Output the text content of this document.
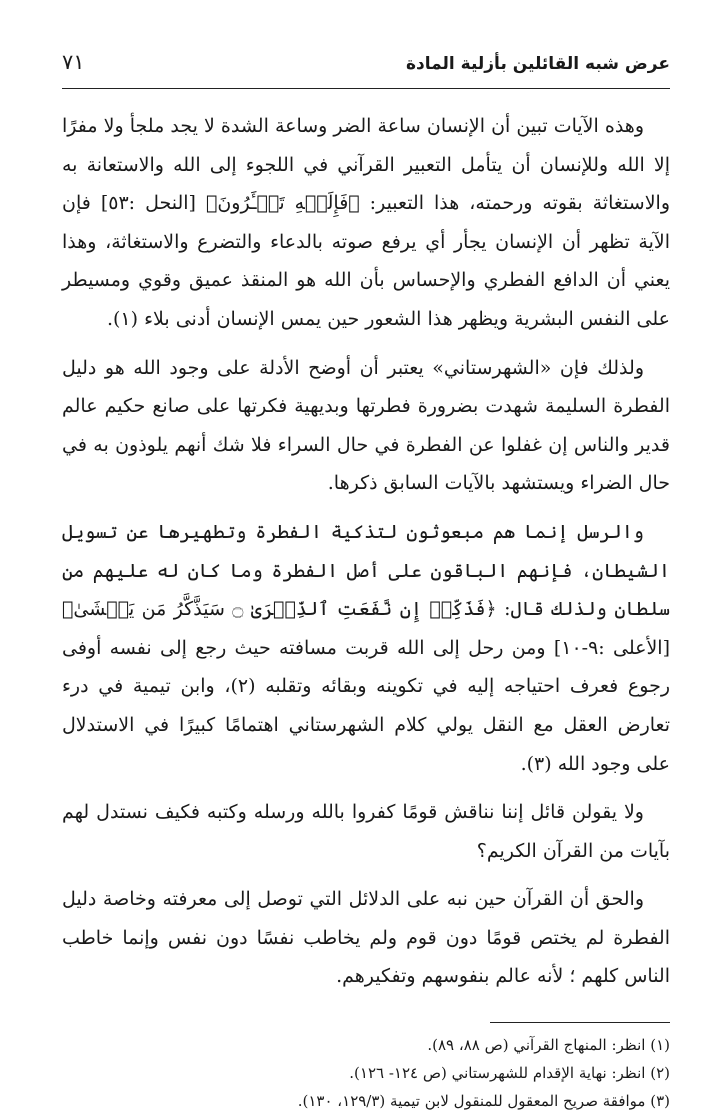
عرض شبه القائلين بأزلية المادة
٧١

وهذه الآيات تبين أن الإنسان ساعة الضر وساعة الشدة لا يجد ملجأ ولا مفرًا إلا الله وللإنسان أن يتأمل التعبير القرآني في اللجوء إلى الله والاستعانة به والاستغاثة بقوته ورحمته، هذا التعبير: ﴿فَإِلَيۡهِ تَجۡـَٔرُونَ﴾ [النحل :٥٣] فإن الآية تظهر أن الإنسان يجأر أي يرفع صوته بالدعاء والتضرع والاستغاثة، وهذا يعني أن الدافع الفطري والإحساس بأن الله هو المنقذ عميق وقوي ومسيطر على النفس البشرية ويظهر هذا الشعور حين يمس الإنسان أدنى بلاء (١).

ولذلك فإن «الشهرستاني» يعتبر أن أوضح الأدلة على وجود الله هو دليل الفطرة السليمة شهدت بضرورة فطرتها وبديهية فكرتها على صانع حكيم عالم قدير والناس إن غفلوا عن الفطرة في حال السراء فلا شك أنهم يلوذون به في حال الضراء ويستشهد بالآيات السابق ذكرها.

والرسل إنما هم مبعوثون لتذكية الفطرة وتطهيرها عن تسويل الشيطان، فإنهم الباقون على أصل الفطرة وما كان له عليهم من سلطان ولذلك قال: ﴿فَذَكِّرۡ إِن نَّفَعَتِ ٱلذِّكۡرَىٰ ۝ سَيَذَّكَّرُ مَن يَخۡشَىٰ﴾ [الأعلى :٩-١٠] ومن رحل إلى الله قربت مسافته حيث رجع إلى نفسه أوفى رجوع فعرف احتياجه إليه في تكوينه وبقائه وتقلبه (٢)، وابن تيمية في درء تعارض العقل مع النقل يولي كلام الشهرستاني اهتمامًا كبيرًا في الاستدلال على وجود الله (٣).

ولا يقولن قائل إننا نناقش قومًا كفروا بالله ورسله وكتبه فكيف نستدل لهم بآيات من القرآن الكريم؟

والحق أن القرآن حين نبه على الدلائل التي توصل إلى معرفته وخاصة دليل الفطرة لم يختص قومًا دون قوم ولم يخاطب نفسًا دون نفس وإنما خاطب الناس كلهم ؛ لأنه عالم بنفوسهم وتفكيرهم.

(١) انظر: المنهاج القرآني (ص ٨٨، ٨٩).

(٢) انظر: نهاية الإقدام للشهرستاني (ص ١٢٤- ١٢٦).

(٣) موافقة صريح المعقول للمنقول لابن تيمية (١٢٩/٣، ١٣٠).
